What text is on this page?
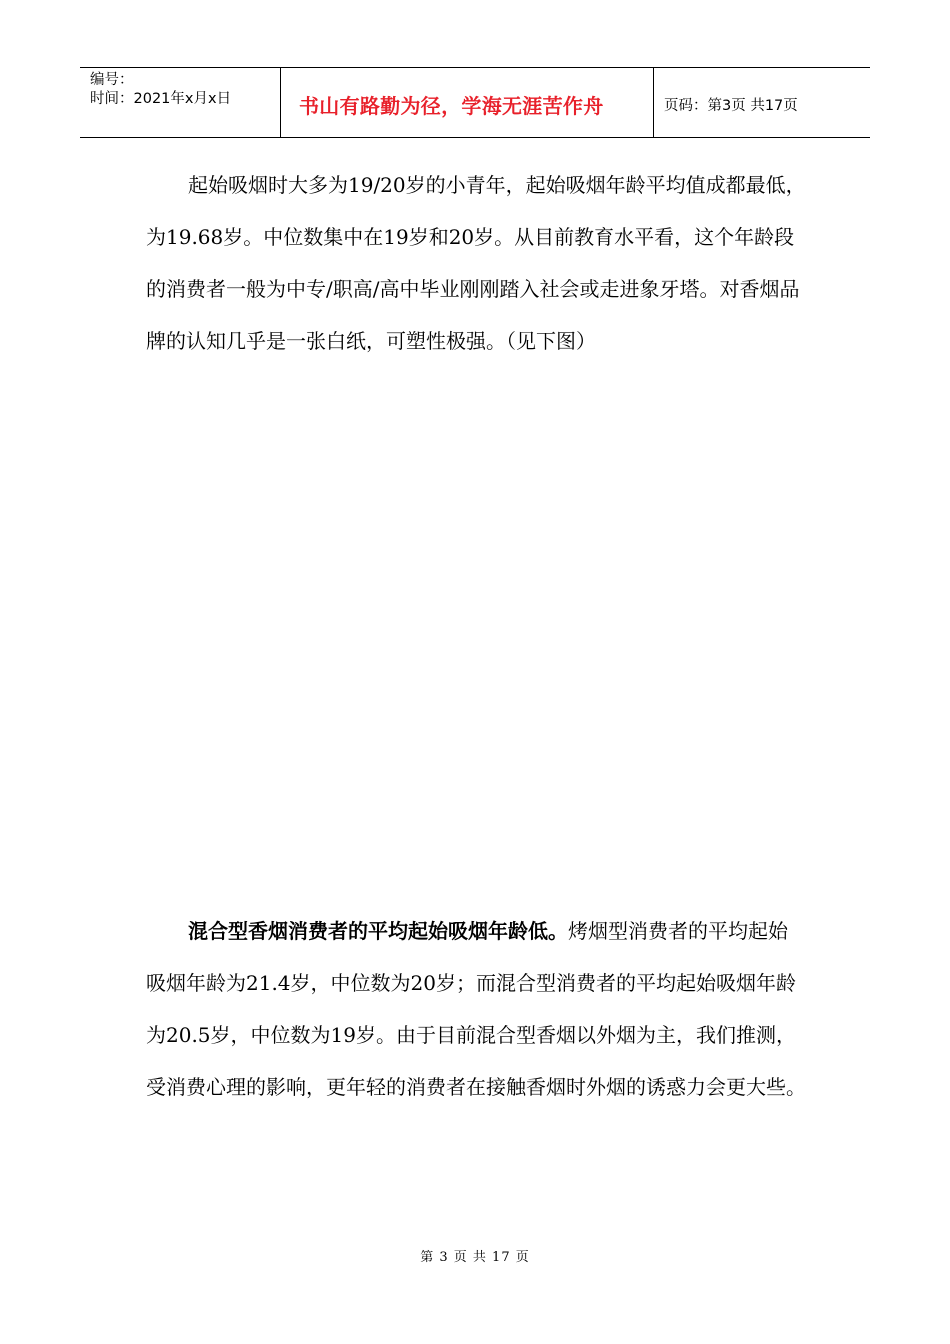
编号：
时间：2021年x月x日	书山有路勤为径，学海无涯苦作舟	页码：第3页 共17页

起始吸烟时大多为19/20岁的小青年，起始吸烟年龄平均值成都最低，为19.68岁。中位数集中在19岁和20岁。从目前教育水平看，这个年龄段的消费者一般为中专/职高/高中毕业刚刚踏入社会或走进象牙塔。对香烟品牌的认知几乎是一张白纸，可塑性极强。（见下图）

混合型香烟消费者的平均起始吸烟年龄低。烤烟型消费者的平均起始吸烟年龄为21.4岁，中位数为20岁；而混合型消费者的平均起始吸烟年龄为20.5岁，中位数为19岁。由于目前混合型香烟以外烟为主，我们推测，受消费心理的影响，更年轻的消费者在接触香烟时外烟的诱惑力会更大些。

第 3 页 共 17 页
